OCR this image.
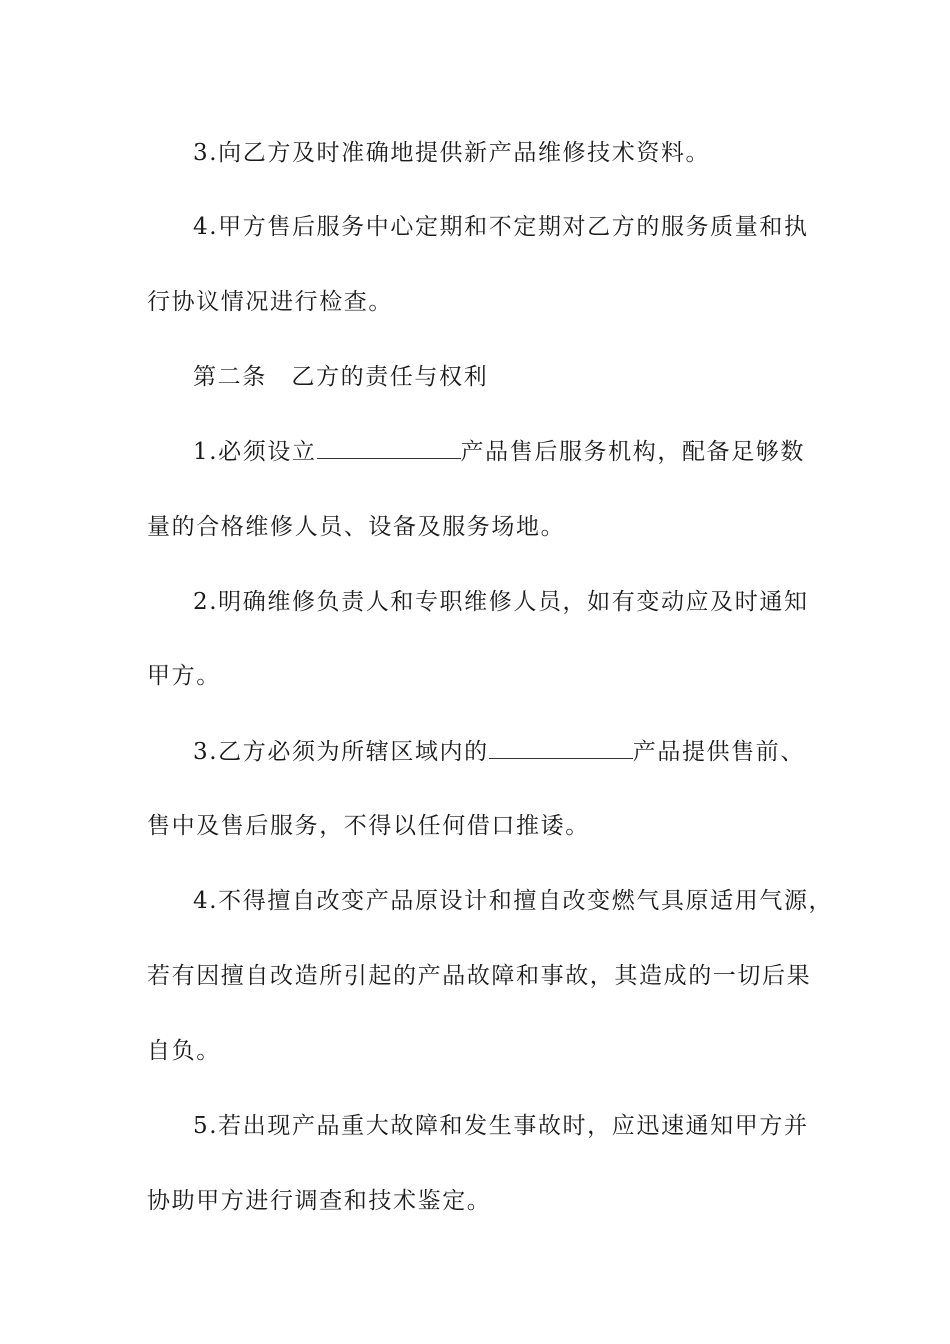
3.向乙方及时准确地提供新产品维修技术资料。
4.甲方售后服务中心定期和不定期对乙方的服务质量和执
行协议情况进行检查。
第二条　乙方的责任与权利
1.必须设立	产品售后服务机构，配备足够数
量的合格维修人员、设备及服务场地。
2.明确维修负责人和专职维修人员，如有变动应及时通知
甲方。
3.乙方必须为所辖区域内的	产品提供售前、
售中及售后服务，不得以任何借口推诿。
4.不得擅自改变产品原设计和擅自改变燃气具原适用气源，
若有因擅自改造所引起的产品故障和事故，其造成的一切后果
自负。
5.若出现产品重大故障和发生事故时，应迅速通知甲方并
协助甲方进行调查和技术鉴定。
